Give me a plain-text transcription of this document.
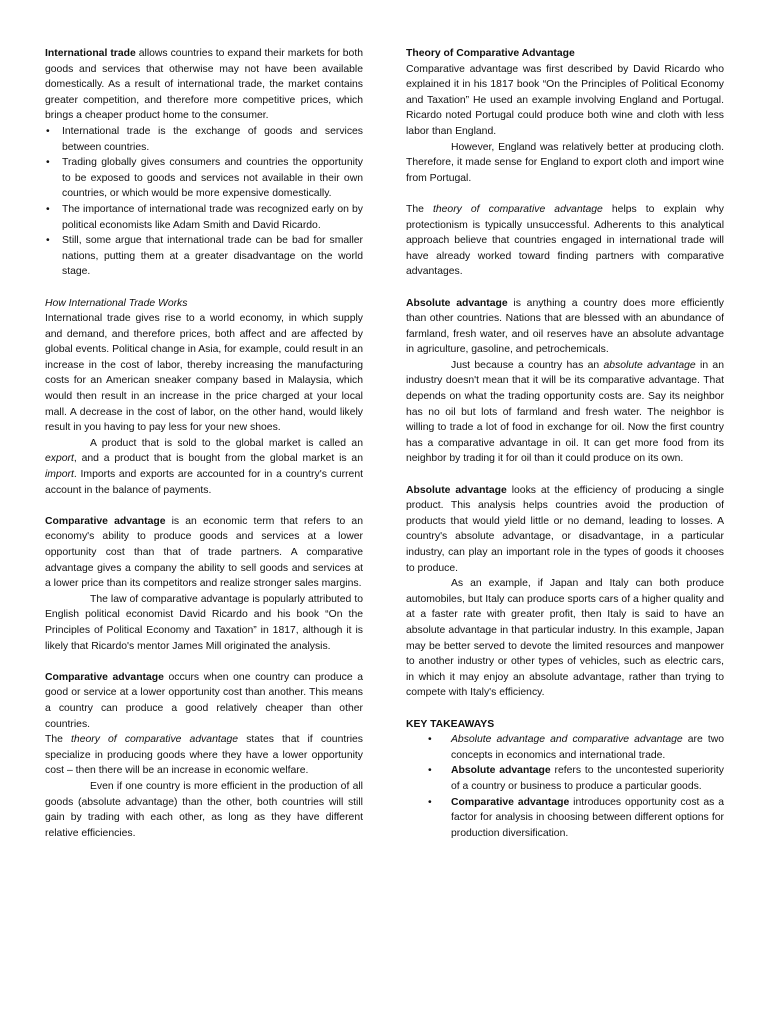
International trade allows countries to expand their markets for both goods and services that otherwise may not have been available domestically. As a result of international trade, the market contains greater competition, and therefore more competitive prices, which brings a cheaper product home to the consumer.

• International trade is the exchange of goods and services between countries.
• Trading globally gives consumers and countries the opportunity to be exposed to goods and services not available in their own countries, or which would be more expensive domestically.
• The importance of international trade was recognized early on by political economists like Adam Smith and David Ricardo.
• Still, some argue that international trade can be bad for smaller nations, putting them at a greater disadvantage on the world stage.

How International Trade Works

International trade gives rise to a world economy, in which supply and demand, and therefore prices, both affect and are affected by global events. Political change in Asia, for example, could result in an increase in the cost of labor, thereby increasing the manufacturing costs for an American sneaker company based in Malaysia, which would then result in an increase in the price charged at your local mall. A decrease in the cost of labor, on the other hand, would likely result in you having to pay less for your new shoes.

A product that is sold to the global market is called an export, and a product that is bought from the global market is an import. Imports and exports are accounted for in a country's current account in the balance of payments.

Comparative advantage is an economic term that refers to an economy's ability to produce goods and services at a lower opportunity cost than that of trade partners. A comparative advantage gives a company the ability to sell goods and services at a lower price than its competitors and realize stronger sales margins.

The law of comparative advantage is popularly attributed to English political economist David Ricardo and his book “On the Principles of Political Economy and Taxation” in 1817, although it is likely that Ricardo's mentor James Mill originated the analysis.

Comparative advantage occurs when one country can produce a good or service at a lower opportunity cost than another. This means a country can produce a good relatively cheaper than other countries.

The theory of comparative advantage states that if countries specialize in producing goods where they have a lower opportunity cost – then there will be an increase in economic welfare.

Even if one country is more efficient in the production of all goods (absolute advantage) than the other, both countries will still gain by trading with each other, as long as they have different relative efficiencies.

Theory of Comparative Advantage

Comparative advantage was first described by David Ricardo who explained it in his 1817 book “On the Principles of Political Economy and Taxation” He used an example involving England and Portugal. Ricardo noted Portugal could produce both wine and cloth with less labor than England.

However, England was relatively better at producing cloth. Therefore, it made sense for England to export cloth and import wine from Portugal.

The theory of comparative advantage helps to explain why protectionism is typically unsuccessful. Adherents to this analytical approach believe that countries engaged in international trade will have already worked toward finding partners with comparative advantages.

Absolute advantage is anything a country does more efficiently than other countries. Nations that are blessed with an abundance of farmland, fresh water, and oil reserves have an absolute advantage in agriculture, gasoline, and petrochemicals.

Just because a country has an absolute advantage in an industry doesn't mean that it will be its comparative advantage. That depends on what the trading opportunity costs are. Say its neighbor has no oil but lots of farmland and fresh water. The neighbor is willing to trade a lot of food in exchange for oil. Now the first country has a comparative advantage in oil. It can get more food from its neighbor by trading it for oil than it could produce on its own.

Absolute advantage looks at the efficiency of producing a single product. This analysis helps countries avoid the production of products that would yield little or no demand, leading to losses. A country's absolute advantage, or disadvantage, in a particular industry, can play an important role in the types of goods it chooses to produce.

As an example, if Japan and Italy can both produce automobiles, but Italy can produce sports cars of a higher quality and at a faster rate with greater profit, then Italy is said to have an absolute advantage in that particular industry. In this example, Japan may be better served to devote the limited resources and manpower to another industry or other types of vehicles, such as electric cars, in which it may enjoy an absolute advantage, rather than trying to compete with Italy's efficiency.

KEY TAKEAWAYS

• Absolute advantage and comparative advantage are two concepts in economics and international trade.
• Absolute advantage refers to the uncontested superiority of a country or business to produce a particular goods.
• Comparative advantage introduces opportunity cost as a factor for analysis in choosing between different options for production diversification.
